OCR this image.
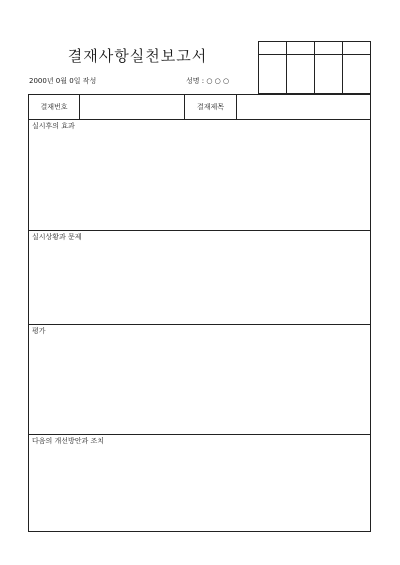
결재사항실천보고서
2000년 0월 0일 작성	성명 : ○ ○ ○

결재번호	결재제목
실시후의 효과
실시상황과 문제
평가
다음의 개선방안과 조치
